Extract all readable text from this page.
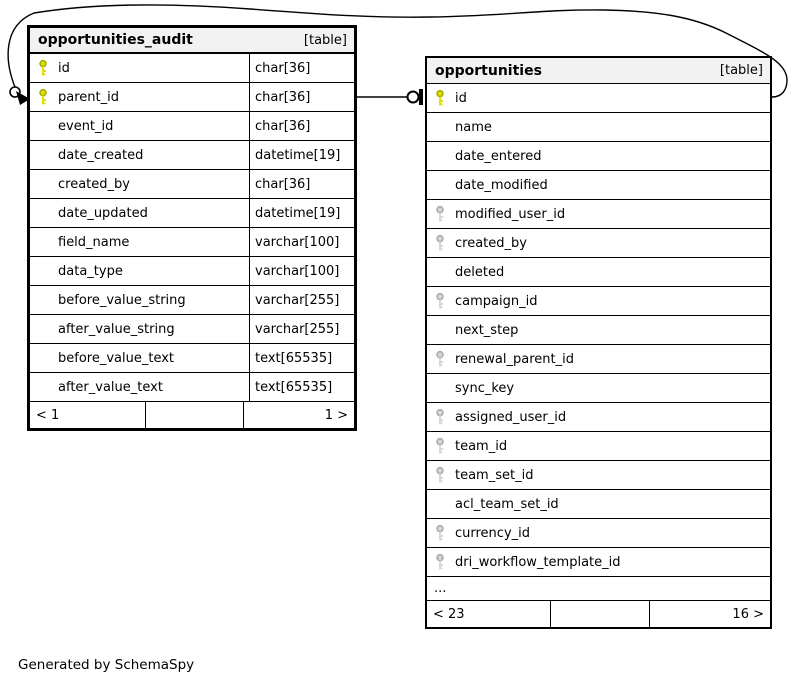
opportunities_audit	[table]
id	char[36]
parent_id	char[36]
event_id	char[36]
date_created	datetime[19]
created_by	char[36]
date_updated	datetime[19]
field_name	varchar[100]
data_type	varchar[100]
before_value_string	varchar[255]
after_value_string	varchar[255]
before_value_text	text[65535]
after_value_text	text[65535]
< 1	1 >
opportunities	[table]
id
name
date_entered
date_modified
modified_user_id
created_by
deleted
campaign_id
next_step
renewal_parent_id
sync_key
assigned_user_id
team_id
team_set_id
acl_team_set_id
currency_id
dri_workflow_template_id
...
< 23	16 >
Generated by SchemaSpy
